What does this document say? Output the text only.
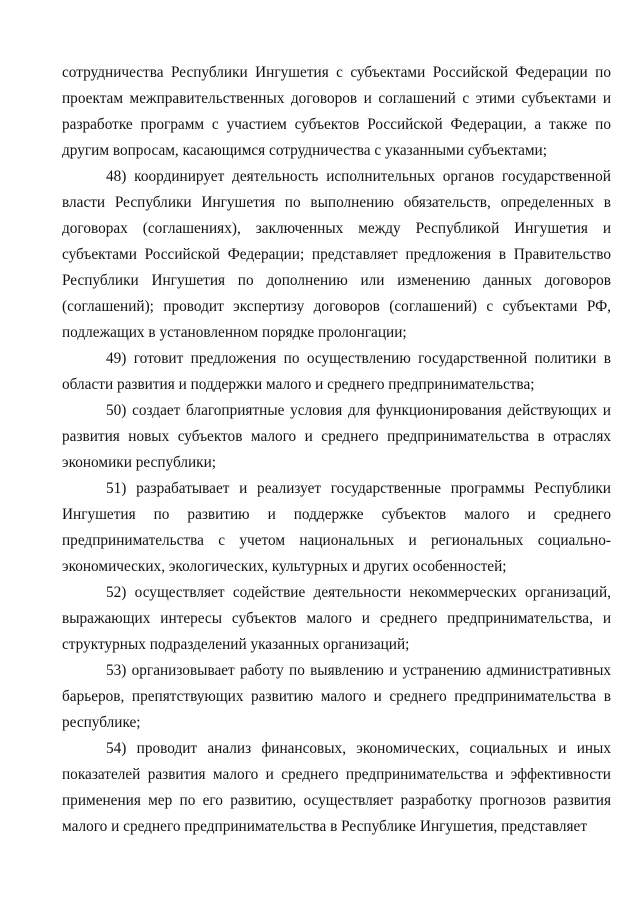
сотрудничества Республики Ингушетия с субъектами Российской Федерации по проектам межправительственных договоров и соглашений с этими субъектами и разработке программ с участием субъектов Российской Федерации, а также по другим вопросам, касающимся сотрудничества с указанными субъектами;

48) координирует деятельность исполнительных органов государственной власти Республики Ингушетия по выполнению обязательств, определенных в договорах (соглашениях), заключенных между Республикой Ингушетия и субъектами Российской Федерации; представляет предложения в Правительство Республики Ингушетия по дополнению или изменению данных договоров (соглашений); проводит экспертизу договоров (соглашений) с субъектами РФ, подлежащих в установленном порядке пролонгации;

49) готовит предложения по осуществлению государственной политики в области развития и поддержки малого и среднего предпринимательства;

50) создает благоприятные условия для функционирования действующих и развития новых субъектов малого и среднего предпринимательства в отраслях экономики республики;

51) разрабатывает и реализует государственные программы Республики Ингушетия по развитию и поддержке субъектов малого и среднего предпринимательства с учетом национальных и региональных социально-экономических, экологических, культурных и других особенностей;

52) осуществляет содействие деятельности некоммерческих организаций, выражающих интересы субъектов малого и среднего предпринимательства, и структурных подразделений указанных организаций;

53) организовывает работу по выявлению и устранению административных барьеров, препятствующих развитию малого и среднего предпринимательства в республике;

54) проводит анализ финансовых, экономических, социальных и иных показателей развития малого и среднего предпринимательства и эффективности применения мер по его развитию, осуществляет разработку прогнозов развития малого и среднего предпринимательства в Республике Ингушетия, представляет
